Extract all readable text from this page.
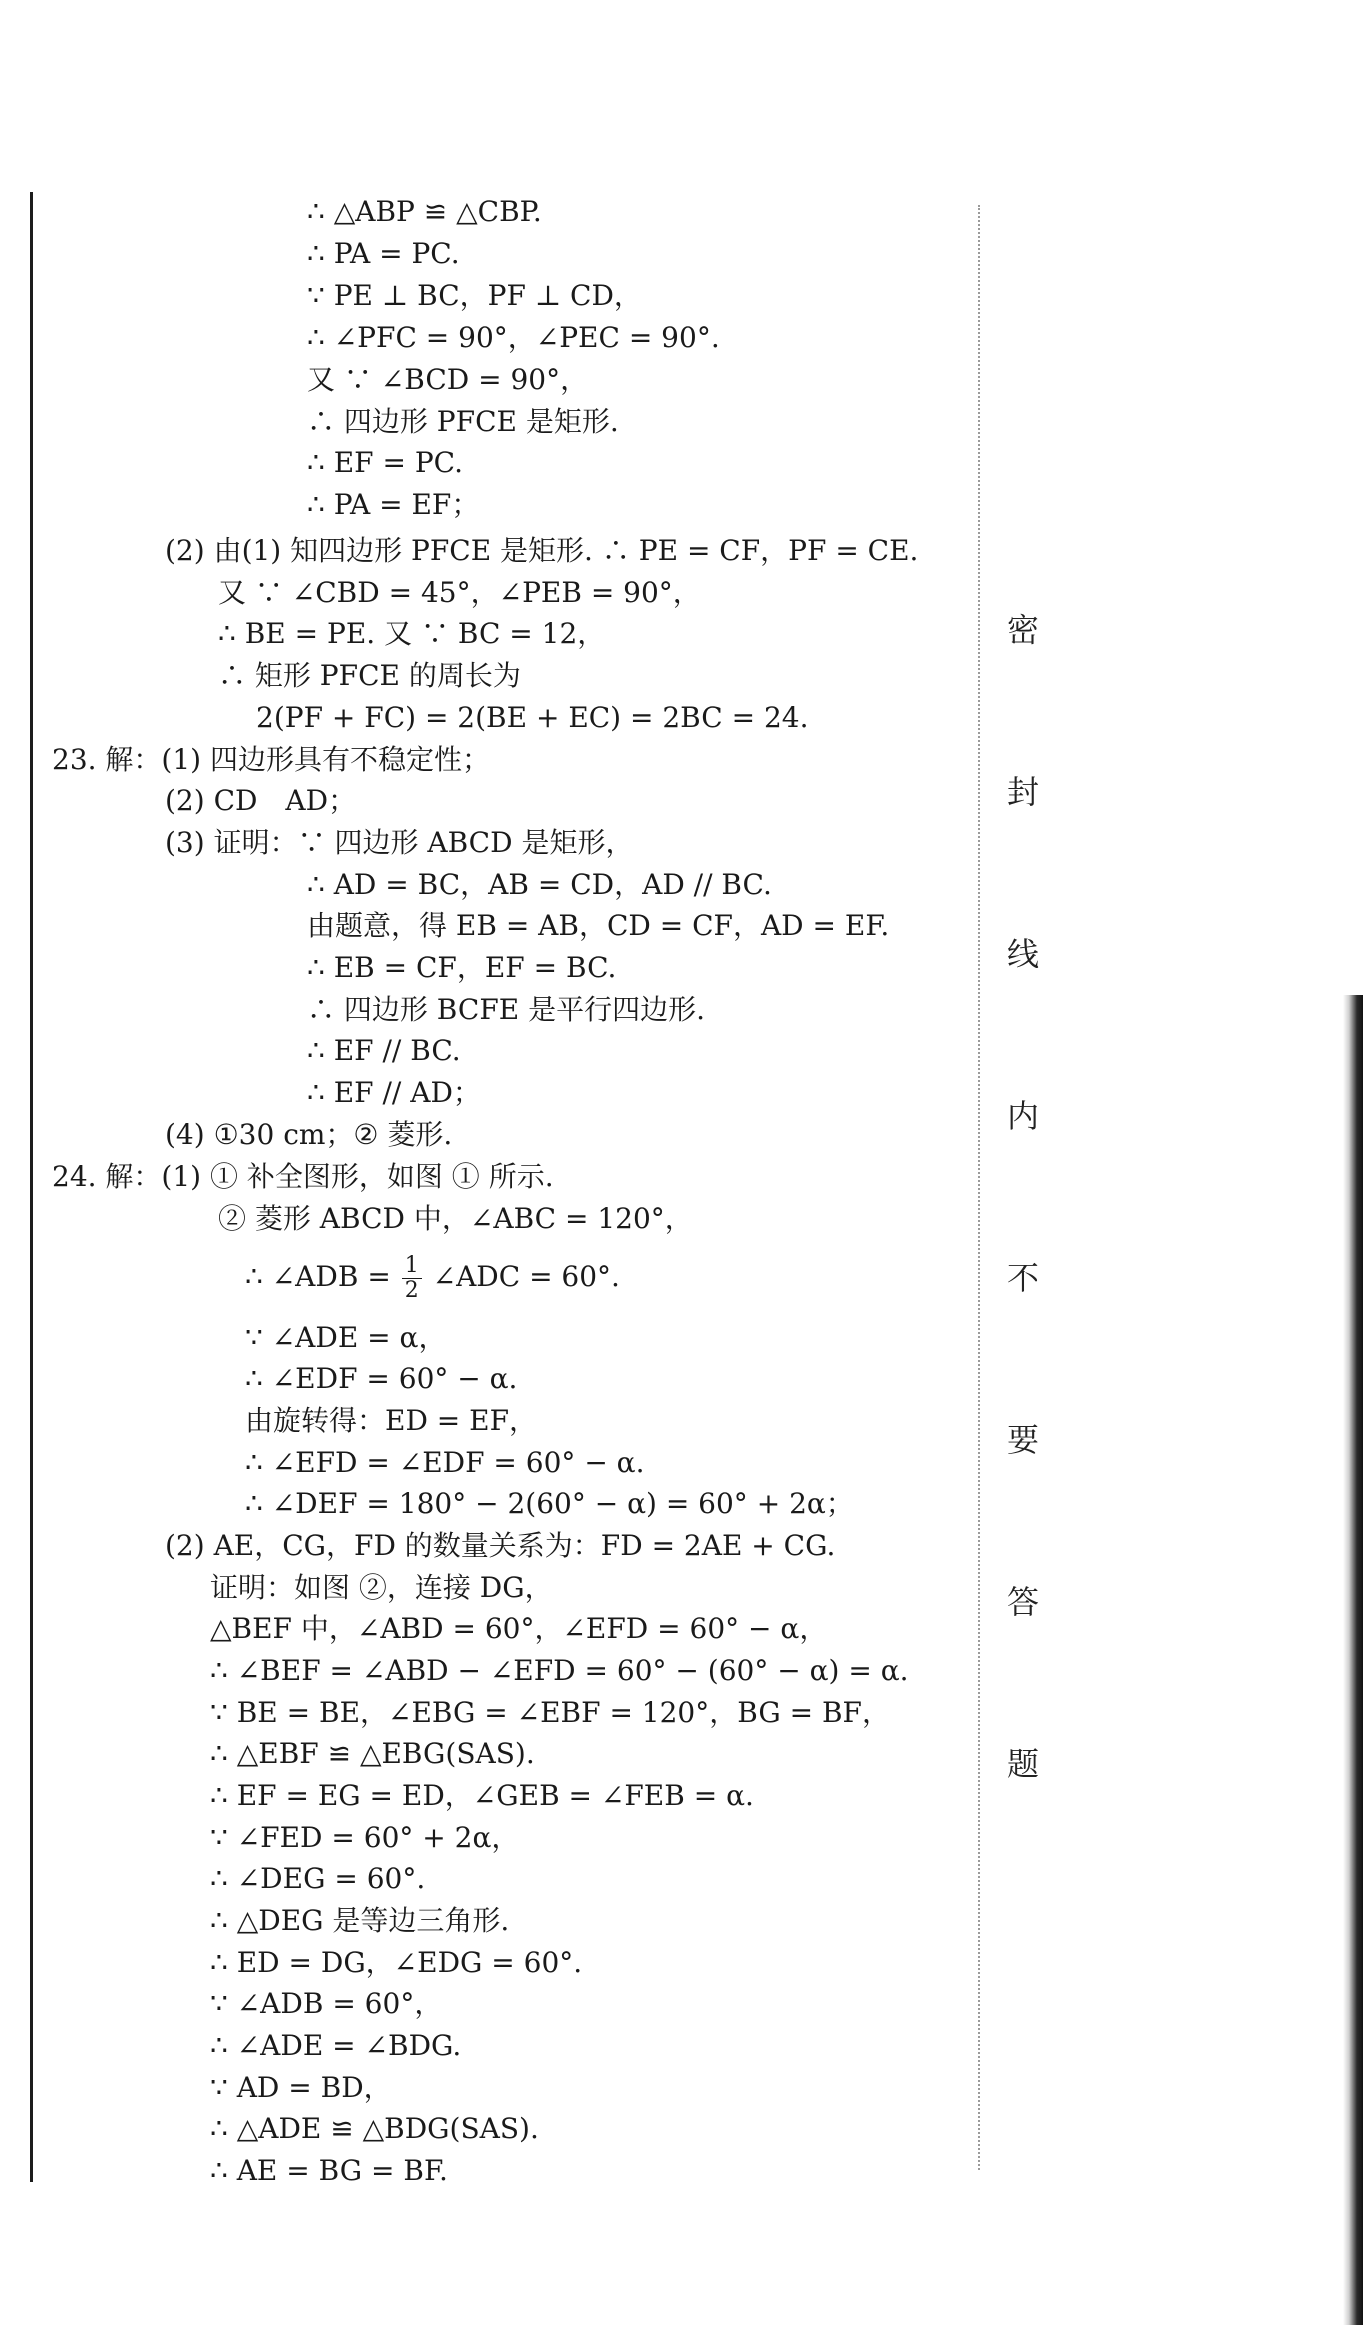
密
封
线
内
不
要
答
题
∴ △ABP ≌ △CBP.
∴ PA = PC.
∵ PE ⊥ BC，PF ⊥ CD，
∴ ∠PFC = 90°，∠PEC = 90°.
又 ∵ ∠BCD = 90°，
∴ 四边形 PFCE 是矩形.
∴ EF = PC.
∴ PA = EF；
(2) 由(1) 知四边形 PFCE 是矩形. ∴ PE = CF，PF = CE.
又 ∵ ∠CBD = 45°，∠PEB = 90°，
∴ BE = PE. 又 ∵ BC = 12，
∴ 矩形 PFCE 的周长为
2(PF + FC) = 2(BE + EC) = 2BC = 24.
23. 解：(1) 四边形具有不稳定性；
(2) CD　AD；
(3) 证明：∵ 四边形 ABCD 是矩形，
∴ AD = BC，AB = CD，AD // BC.
由题意，得 EB = AB，CD = CF，AD = EF.
∴ EB = CF，EF = BC.
∴ 四边形 BCFE 是平行四边形.
∴ EF // BC.
∴ EF // AD；
(4) ①30 cm；② 菱形.
24. 解：(1) ① 补全图形，如图 ① 所示.
② 菱形 ABCD 中，∠ABC = 120°，
∴ ∠ADB = $\frac{1}{2}$ ∠ADC = 60°.
∵ ∠ADE = α，
∴ ∠EDF = 60° − α.
由旋转得：ED = EF，
∴ ∠EFD = ∠EDF = 60° − α.
∴ ∠DEF = 180° − 2(60° − α) = 60° + 2α；
(2) AE，CG，FD 的数量关系为：FD = 2AE + CG.
证明：如图 ②，连接 DG，
△BEF 中，∠ABD = 60°，∠EFD = 60° − α，
∴ ∠BEF = ∠ABD − ∠EFD = 60° − (60° − α) = α.
∵ BE = BE，∠EBG = ∠EBF = 120°，BG = BF，
∴ △EBF ≌ △EBG(SAS).
∴ EF = EG = ED，∠GEB = ∠FEB = α.
∵ ∠FED = 60° + 2α，
∴ ∠DEG = 60°.
∴ △DEG 是等边三角形.
∴ ED = DG，∠EDG = 60°.
∵ ∠ADB = 60°，
∴ ∠ADE = ∠BDG.
∵ AD = BD，
∴ △ADE ≌ △BDG(SAS).
∴ AE = BG = BF.
